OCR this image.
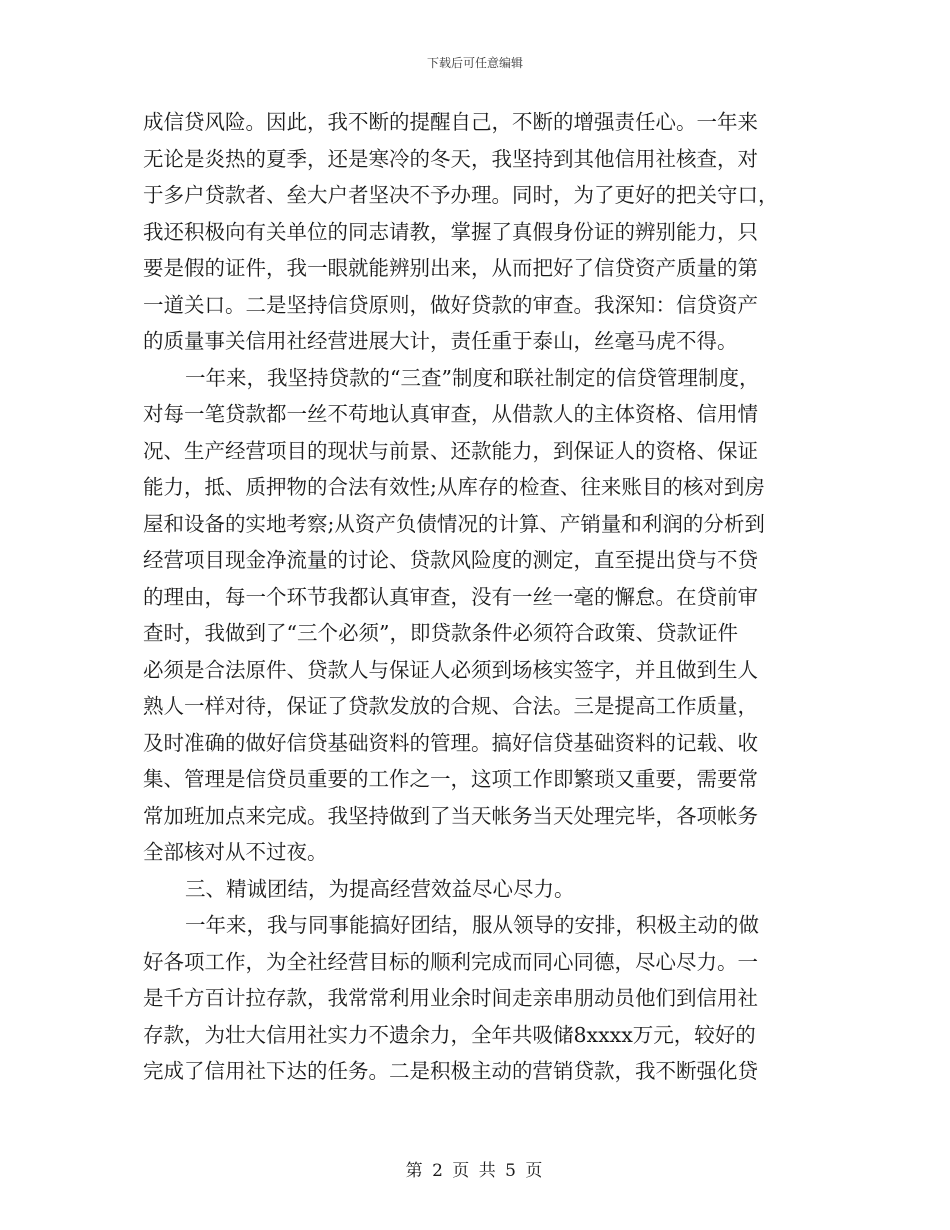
下载后可任意编辑
成信贷风险。因此，我不断的提醒自己，不断的增强责任心。一年来
无论是炎热的夏季，还是寒冷的冬天，我坚持到其他信用社核查，对
于多户贷款者、垒大户者坚决不予办理。同时，为了更好的把关守口，
我还积极向有关单位的同志请教，掌握了真假身份证的辨别能力，只
要是假的证件，我一眼就能辨别出来，从而把好了信贷资产质量的第
一道关口。二是坚持信贷原则，做好贷款的审查。我深知：信贷资产
的质量事关信用社经营进展大计，责任重于泰山，丝毫马虎不得。
一年来，我坚持贷款的“三查”制度和联社制定的信贷管理制度，
对每一笔贷款都一丝不苟地认真审查，从借款人的主体资格、信用情
况、生产经营项目的现状与前景、还款能力，到保证人的资格、保证
能力，抵、质押物的合法有效性;从库存的检查、往来账目的核对到房
屋和设备的实地考察;从资产负债情况的计算、产销量和利润的分析到
经营项目现金净流量的讨论、贷款风险度的测定，直至提出贷与不贷
的理由，每一个环节我都认真审查，没有一丝一毫的懈怠。在贷前审
查时，我做到了“三个必须”，即贷款条件必须符合政策、贷款证件
必须是合法原件、贷款人与保证人必须到场核实签字，并且做到生人
熟人一样对待，保证了贷款发放的合规、合法。三是提高工作质量，
及时准确的做好信贷基础资料的管理。搞好信贷基础资料的记载、收
集、管理是信贷员重要的工作之一，这项工作即繁琐又重要，需要常
常加班加点来完成。我坚持做到了当天帐务当天处理完毕，各项帐务
全部核对从不过夜。
三、精诚团结，为提高经营效益尽心尽力。
一年来，我与同事能搞好团结，服从领导的安排，积极主动的做
好各项工作，为全社经营目标的顺利完成而同心同德，尽心尽力。一
是千方百计拉存款，我常常利用业余时间走亲串朋动员他们到信用社
存款，为壮大信用社实力不遗余力，全年共吸储8xxxx万元，较好的
完成了信用社下达的任务。二是积极主动的营销贷款，我不断强化贷
第 2 页 共 5 页
